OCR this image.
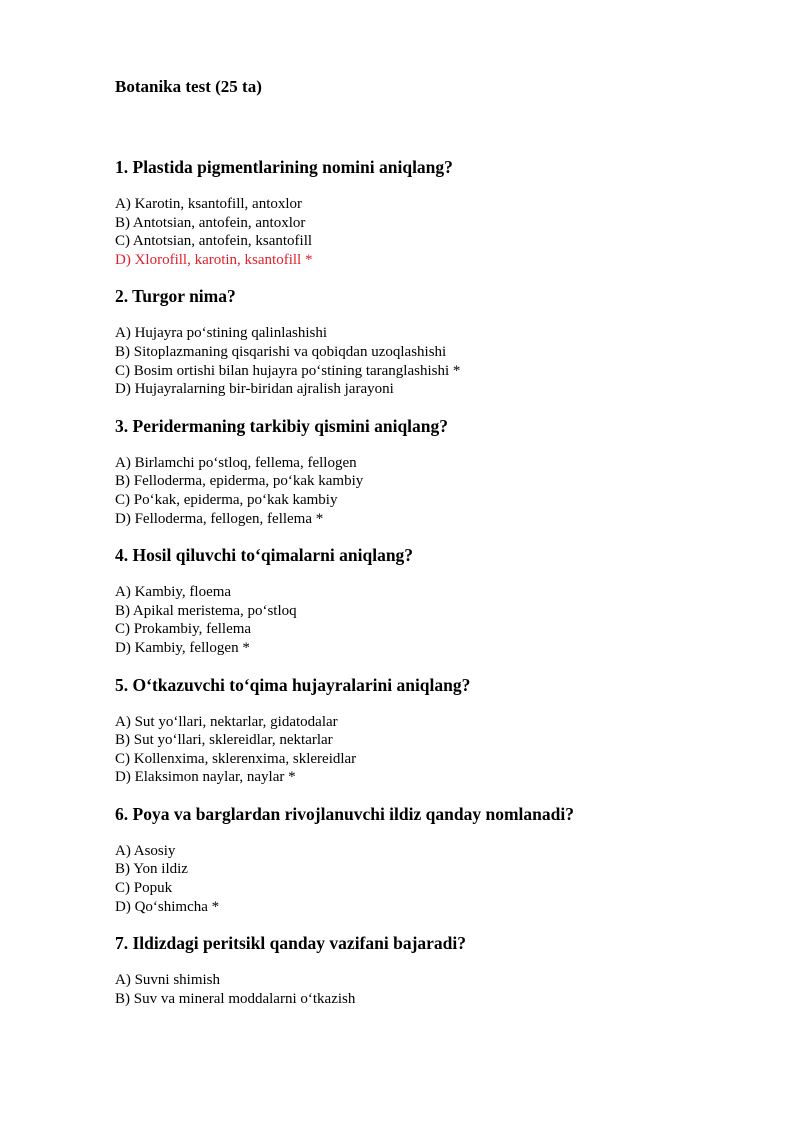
Botanika test (25 ta)
1. Plastida pigmentlarining nomini aniqlang?
A) Karotin, ksantofill, antoxlor
B) Antotsian, antofein, antoxlor
C) Antotsian, antofein, ksantofill
D) Xlorofill, karotin, ksantofill *
2. Turgor nima?
A) Hujayra po‘stining qalinlashishi
B) Sitoplazmaning qisqarishi va qobiqdan uzoqlashishi
C) Bosim ortishi bilan hujayra po‘stining taranglashishi *
D) Hujayralarning bir-biridan ajralish jarayoni
3. Peridermaning tarkibiy qismini aniqlang?
A) Birlamchi po‘stloq, fellema, fellogen
B) Felloderma, epiderma, po‘kak kambiy
C) Po‘kak, epiderma, po‘kak kambiy
D) Felloderma, fellogen, fellema *
4. Hosil qiluvchi to‘qimalarni aniqlang?
A) Kambiy, floema
B) Apikal meristema, po‘stloq
C) Prokambiy, fellema
D) Kambiy, fellogen *
5. O‘tkazuvchi to‘qima hujayralarini aniqlang?
A) Sut yo‘llari, nektarlar, gidatodalar
B) Sut yo‘llari, sklereidlar, nektarlar
C) Kollenxima, sklerenxima, sklereidlar
D) Elaksimon naylar, naylar *
6. Poya va barglardan rivojlanuvchi ildiz qanday nomlanadi?
A) Asosiy
B) Yon ildiz
C) Popuk
D) Qo‘shimcha *
7. Ildizdagi peritsikl qanday vazifani bajaradi?
A) Suvni shimish
B) Suv va mineral moddalarni o‘tkazish
